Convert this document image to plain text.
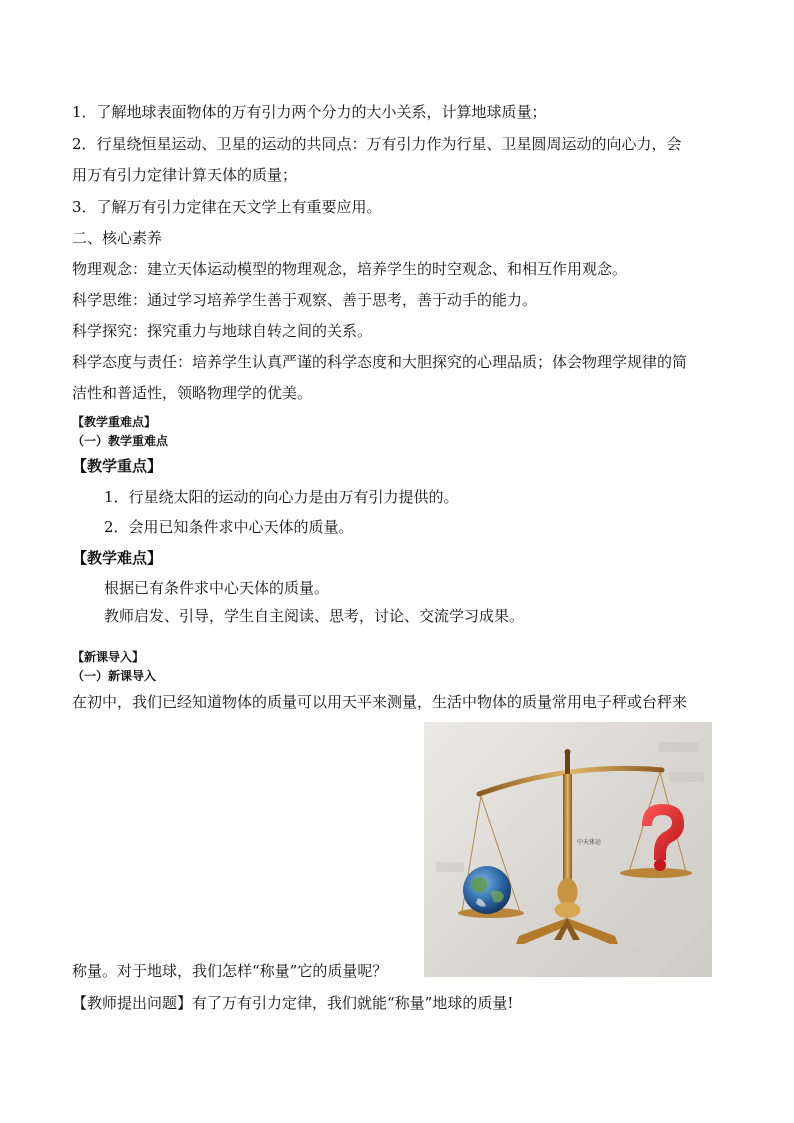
1．了解地球表面物体的万有引力两个分力的大小关系，计算地球质量；
2．行星绕恒星运动、卫星的运动的共同点：万有引力作为行星、卫星圆周运动的向心力，会
用万有引力定律计算天体的质量；
3．了解万有引力定律在天文学上有重要应用。
二、核心素养
物理观念：建立天体运动模型的物理观念，培养学生的时空观念、和相互作用观念。
科学思维：通过学习培养学生善于观察、善于思考，善于动手的能力。
科学探究：探究重力与地球自转之间的关系。
科学态度与责任：培养学生认真严谨的科学态度和大胆探究的心理品质；体会物理学规律的简
洁性和普适性，领略物理学的优美。
【教学重难点】
（一）教学重难点
【教学重点】
1．行星绕太阳的运动的向心力是由万有引力提供的。
2．会用已知条件求中心天体的质量。
【教学难点】
根据已有条件求中心天体的质量。
教师启发、引导，学生自主阅读、思考，讨论、交流学习成果。
【新课导入】
（一）新课导入
在初中，我们已经知道物体的质量可以用天平来测量，生活中物体的质量常用电子秤或台秤来
中天体运
称量。对于地球，我们怎样“称量”它的质量呢？
【教师提出问题】有了万有引力定律，我们就能“称量”地球的质量!
